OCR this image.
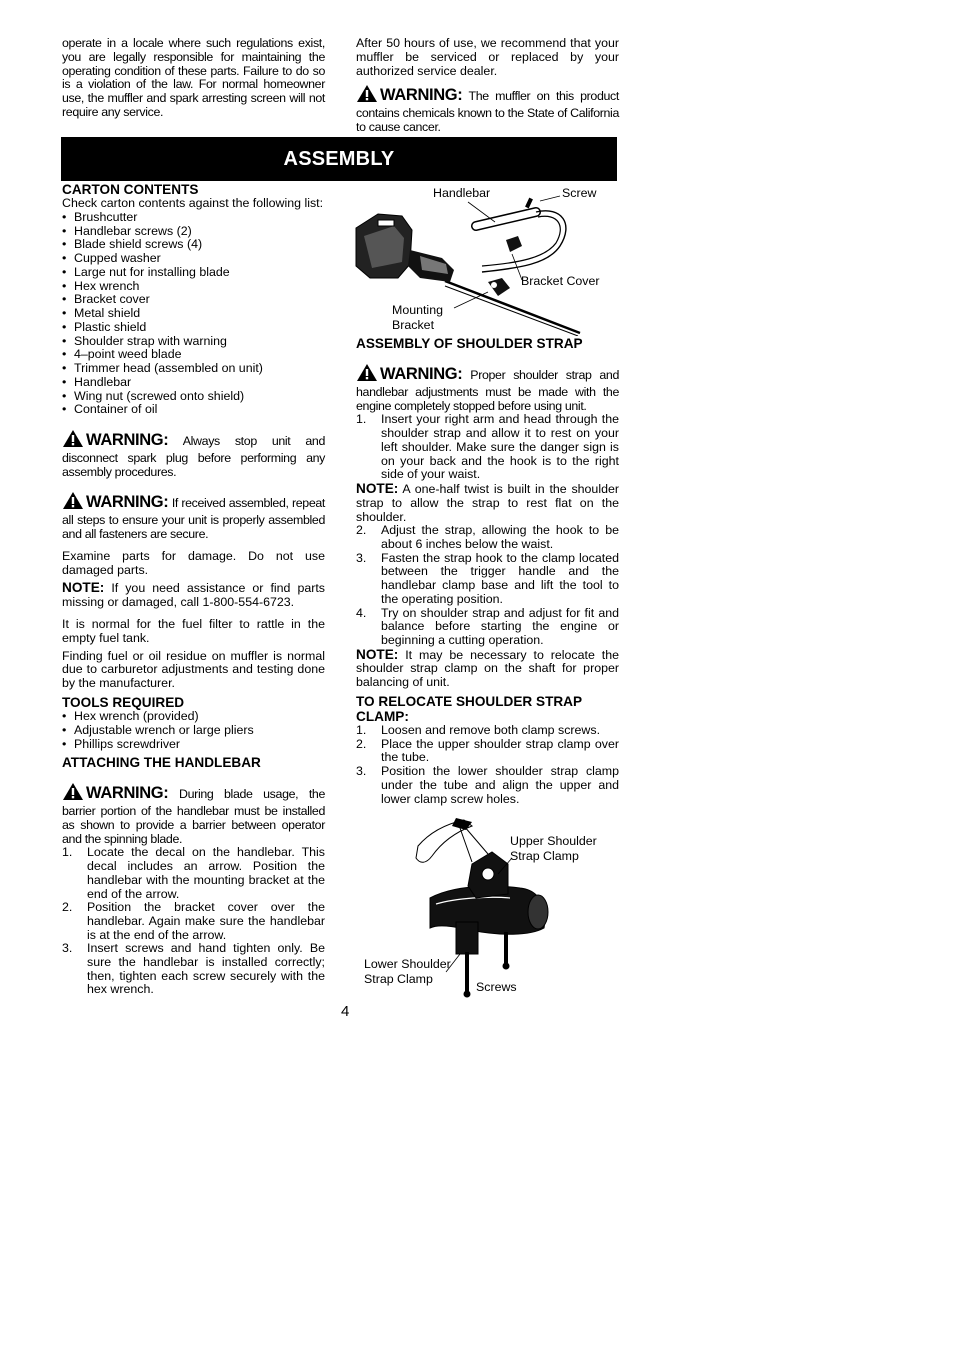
operate in a locale where such regulations exist, you are legally responsible for maintaining the operating condition of these parts. Failure to do so is a violation of the law. For normal homeowner use, the muffler and spark arresting screen will not require any service.

After 50 hours of use, we recommend that your muffler be serviced or replaced by your authorized service dealer.

WARNING: The muffler on this product contains chemicals known to the State of California to cause cancer.

ASSEMBLY
CARTON CONTENTS

Check carton contents against the following list:

• Brushcutter
• Handlebar screws (2)
• Blade shield screws (4)
• Cupped washer
• Large nut for installing blade
• Hex wrench
• Bracket cover
• Metal shield
• Plastic shield
• Shoulder strap with warning
• 4–point weed blade
• Trimmer head (assembled on unit)
• Handlebar
• Wing nut (screwed onto shield)
• Container of oil

WARNING: Always stop unit and disconnect spark plug before performing any assembly procedures.

WARNING: If received assembled, repeat all steps to ensure your unit is properly assembled and all fasteners are secure.

Examine parts for damage. Do not use damaged parts.

NOTE: If you need assistance or find parts missing or damaged, call 1-800-554-6723.

It is normal for the fuel filter to rattle in the empty fuel tank.

Finding fuel or oil residue on muffler is normal due to carburetor adjustments and testing done by the manufacturer.

TOOLS REQUIRED
• Hex wrench (provided)
• Adjustable wrench or large pliers
• Phillips screwdriver
ATTACHING THE HANDLEBAR

WARNING: During blade usage, the barrier portion of the handlebar must be installed as shown to provide a barrier between operator and the spinning blade.

1. Locate the decal on the handlebar. This decal includes an arrow. Position the handlebar with the mounting bracket at the end of the arrow.
2. Position the bracket cover over the handlebar. Again make sure the handlebar is at the end of the arrow.
3. Insert screws and hand tighten only. Be sure the handlebar is installed correctly; then, tighten each screw securely with the hex wrench.
Handlebar	Screw
Bracket Cover
Mounting
Bracket
ASSEMBLY OF SHOULDER STRAP

WARNING: Proper shoulder strap and handlebar adjustments must be made with the engine completely stopped before using unit.

1. Insert your right arm and head through the shoulder strap and allow it to rest on your left shoulder. Make sure the danger sign is on your back and the hook is to the right side of your waist.

NOTE: A one-half twist is built in the shoulder strap to allow the strap to rest flat on the shoulder.

2. Adjust the strap, allowing the hook to be about 6 inches below the waist.
3. Fasten the strap hook to the clamp located between the trigger handle and the handlebar clamp base and lift the tool to the operating position.
4. Try on shoulder strap and adjust for fit and balance before starting the engine or beginning a cutting operation.

NOTE: It may be necessary to relocate the shoulder strap clamp on the shaft for proper balancing of unit.

TO RELOCATE SHOULDER STRAP
CLAMP:
1. Loosen and remove both clamp screws.
2. Place the upper shoulder strap clamp over the tube.
3. Position the lower shoulder strap clamp under the tube and align the upper and lower clamp screw holes.
Upper Shoulder
Strap Clamp
Lower Shoulder
Strap Clamp
Screws
4
